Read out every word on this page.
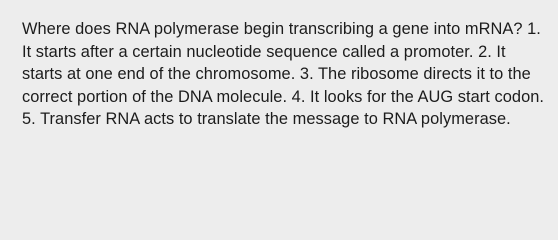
Where does RNA polymerase begin transcribing a gene into mRNA? 1. It starts after a certain nucleotide sequence called a promoter. 2. It starts at one end of the chromosome. 3. The ribosome directs it to the correct portion of the DNA molecule. 4. It looks for the AUG start codon. 5. Transfer RNA acts to translate the message to RNA polymerase.
